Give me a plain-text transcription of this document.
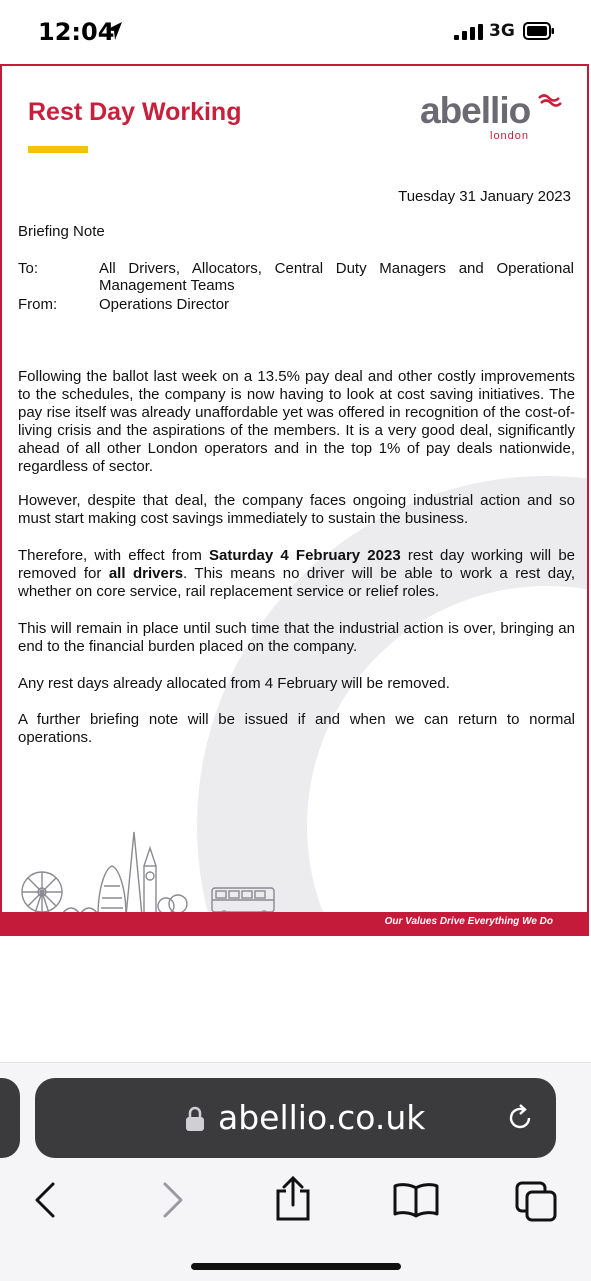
12:04	3G
Rest Day Working	abellio
london
Tuesday 31 January 2023
Briefing Note
To:	All Drivers, Allocators, Central Duty Managers and Operational Management Teams
From:	Operations Director

Following the ballot last week on a 13.5% pay deal and other costly improvements to the schedules, the company is now having to look at cost saving initiatives. The pay rise itself was already unaffordable yet was offered in recognition of the cost-of-living crisis and the aspirations of the members. It is a very good deal, significantly ahead of all other London operators and in the top 1% of pay deals nationwide, regardless of sector.

However, despite that deal, the company faces ongoing industrial action and so must start making cost savings immediately to sustain the business.

Therefore, with effect from Saturday 4 February 2023 rest day working will be removed for all drivers. This means no driver will be able to work a rest day, whether on core service, rail replacement service or relief roles.

This will remain in place until such time that the industrial action is over, bringing an end to the financial burden placed on the company.

Any rest days already allocated from 4 February will be removed.

A further briefing note will be issued if and when we can return to normal operations.

Our Values Drive Everything We Do
abellio.co.uk
